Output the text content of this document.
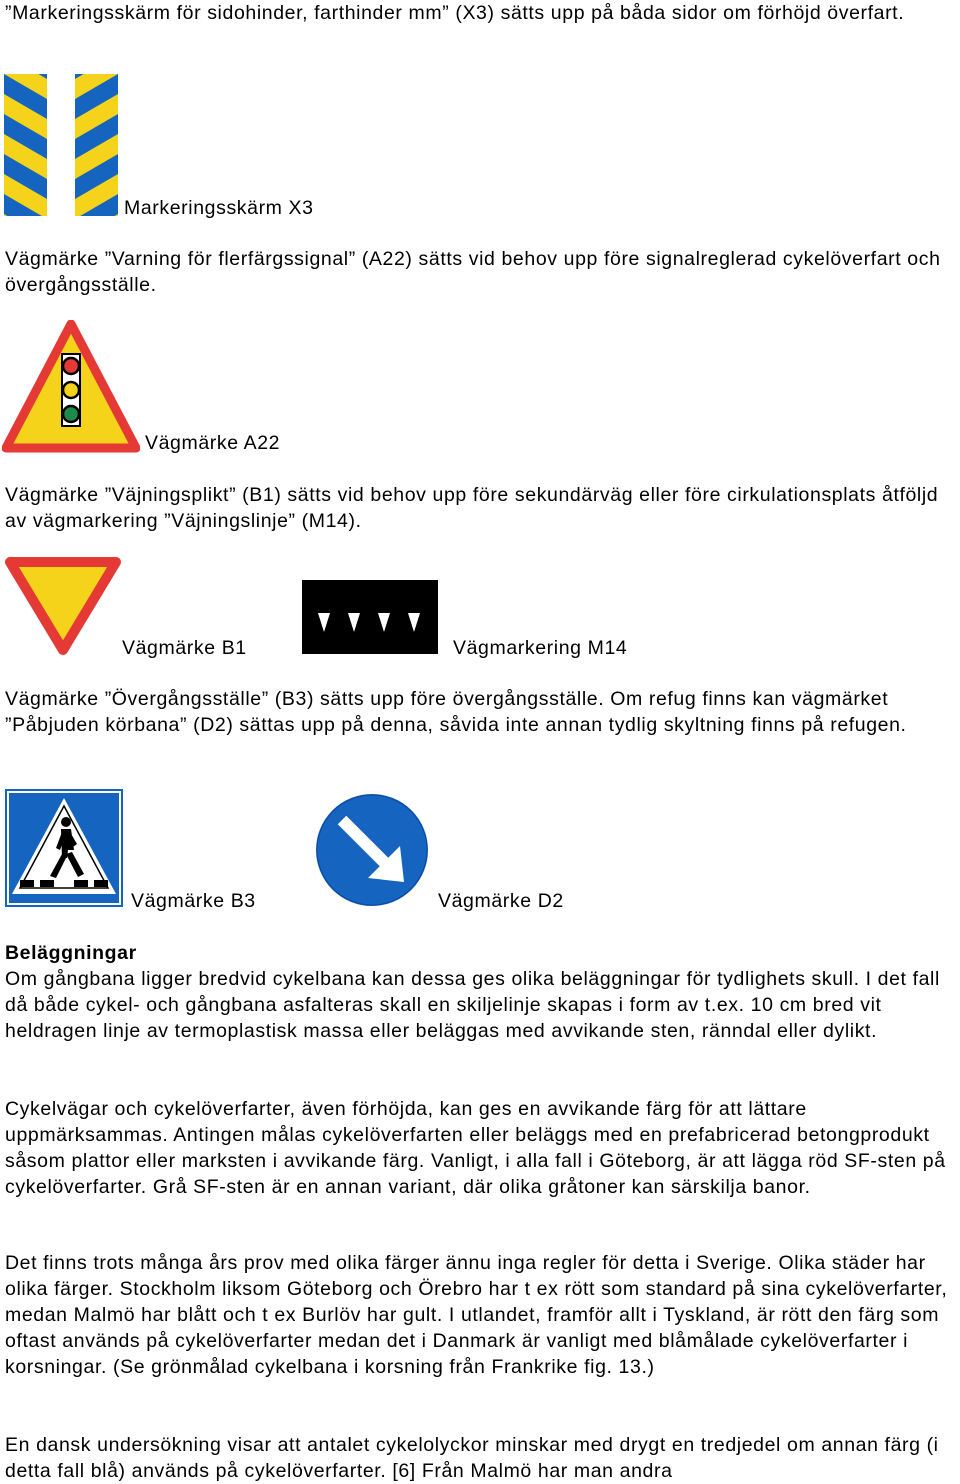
”Markeringsskärm för sidohinder, farthinder mm” (X3) sätts upp på båda sidor om förhöjd överfart.

Markeringsskärm X3

Vägmärke ”Varning för flerfärgssignal” (A22) sätts vid behov upp före signalreglerad cykelöverfart och övergångsställe.

Vägmärke A22

Vägmärke ”Väjningsplikt” (B1) sätts vid behov upp före sekundärväg eller före cirkulationsplats åtföljd av vägmarkering ”Väjningslinje” (M14).

Vägmärke B1	Vägmarkering M14

Vägmärke ”Övergångsställe” (B3) sätts upp före övergångsställe. Om refug finns kan vägmärket ”Påbjuden körbana” (D2) sättas upp på denna, såvida inte annan tydlig skyltning finns på refugen.

Vägmärke B3	Vägmärke D2

Beläggningar

Om gångbana ligger bredvid cykelbana kan dessa ges olika beläggningar för tydlighets skull. I det fall då både cykel- och gångbana asfalteras skall en skiljelinje skapas i form av t.ex. 10 cm bred vit heldragen linje av termoplastisk massa eller beläggas med avvikande sten, ränndal eller dylikt.

Cykelvägar och cykelöverfarter, även förhöjda, kan ges en avvikande färg för att lättare uppmärksammas. Antingen målas cykelöverfarten eller beläggs med en prefabricerad betongprodukt såsom plattor eller marksten i avvikande färg. Vanligt, i alla fall i Göteborg, är att lägga röd SF-sten på cykelöverfarter. Grå SF-sten är en annan variant, där olika gråtoner kan särskilja banor.

Det finns trots många års prov med olika färger ännu inga regler för detta i Sverige. Olika städer har olika färger. Stockholm liksom Göteborg och Örebro har t ex rött som standard på sina cykelöverfarter, medan Malmö har blått och t ex Burlöv har gult. I utlandet, framför allt i Tyskland, är rött den färg som oftast används på cykelöverfarter medan det i Danmark är vanligt med blåmålade cykelöverfarter i korsningar. (Se grönmålad cykelbana i korsning från Frankrike fig. 13.)

En dansk undersökning visar att antalet cykelolyckor minskar med drygt en tredjedel om annan färg (i detta fall blå) används på cykelöverfarter. [6] Från Malmö har man andra
